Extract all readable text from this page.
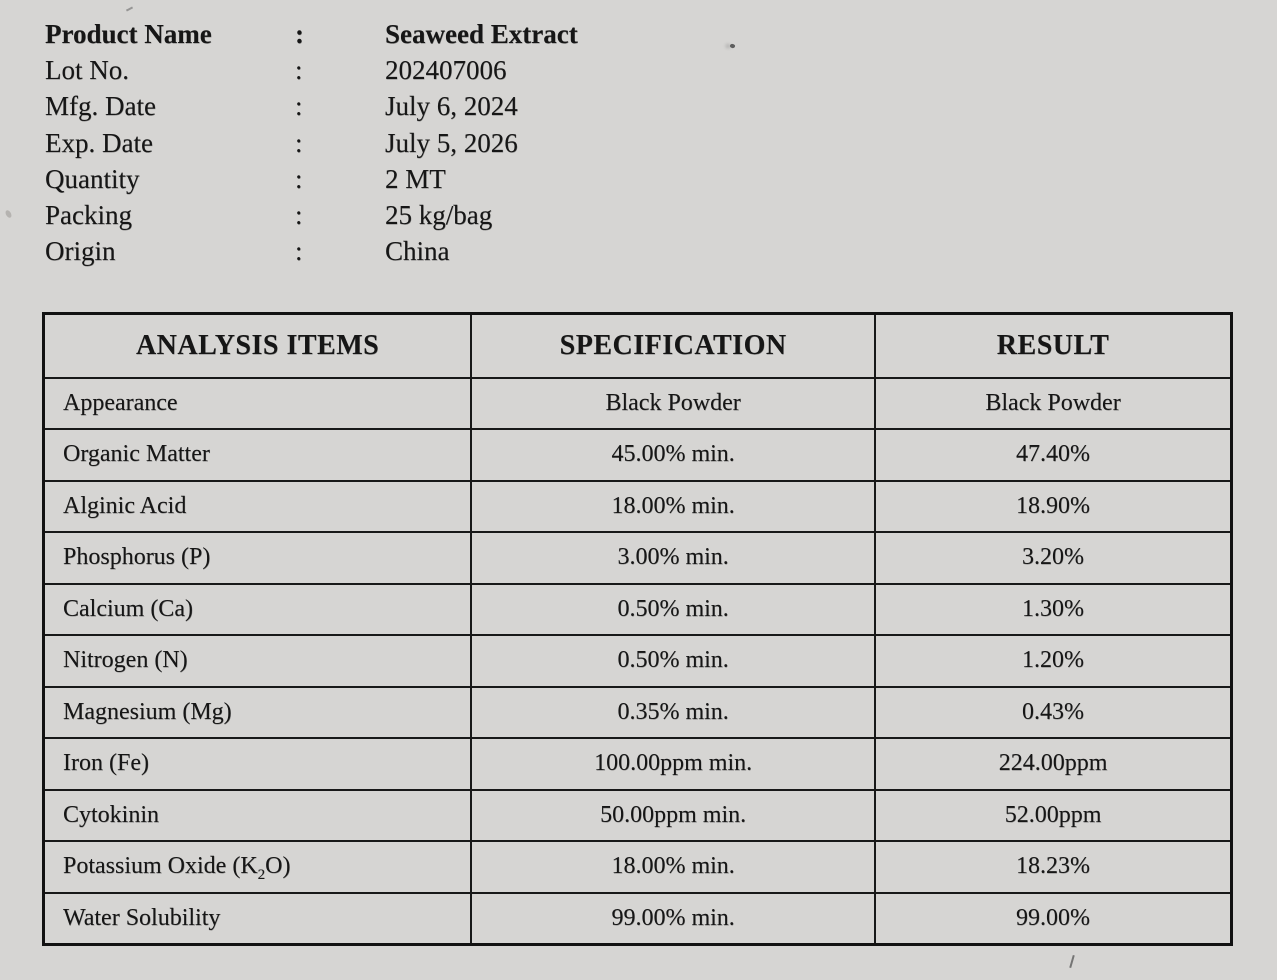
Product Name	:	Seaweed Extract
Lot No.	:	202407006
Mfg. Date	:	July 6, 2024
Exp. Date	:	July 5, 2026
Quantity	:	2 MT
Packing	:	25 kg/bag
Origin	:	China
ANALYSIS ITEMS	SPECIFICATION	RESULT
Appearance	Black Powder	Black Powder
Organic Matter	45.00% min.	47.40%
Alginic Acid	18.00% min.	18.90%
Phosphorus (P)	3.00% min.	3.20%
Calcium (Ca)	0.50% min.	1.30%
Nitrogen (N)	0.50% min.	1.20%
Magnesium (Mg)	0.35% min.	0.43%
Iron (Fe)	100.00ppm min.	224.00ppm
Cytokinin	50.00ppm min.	52.00ppm
Potassium Oxide $(K_2O)$	18.00% min.	18.23%
Water Solubility	99.00% min.	99.00%
